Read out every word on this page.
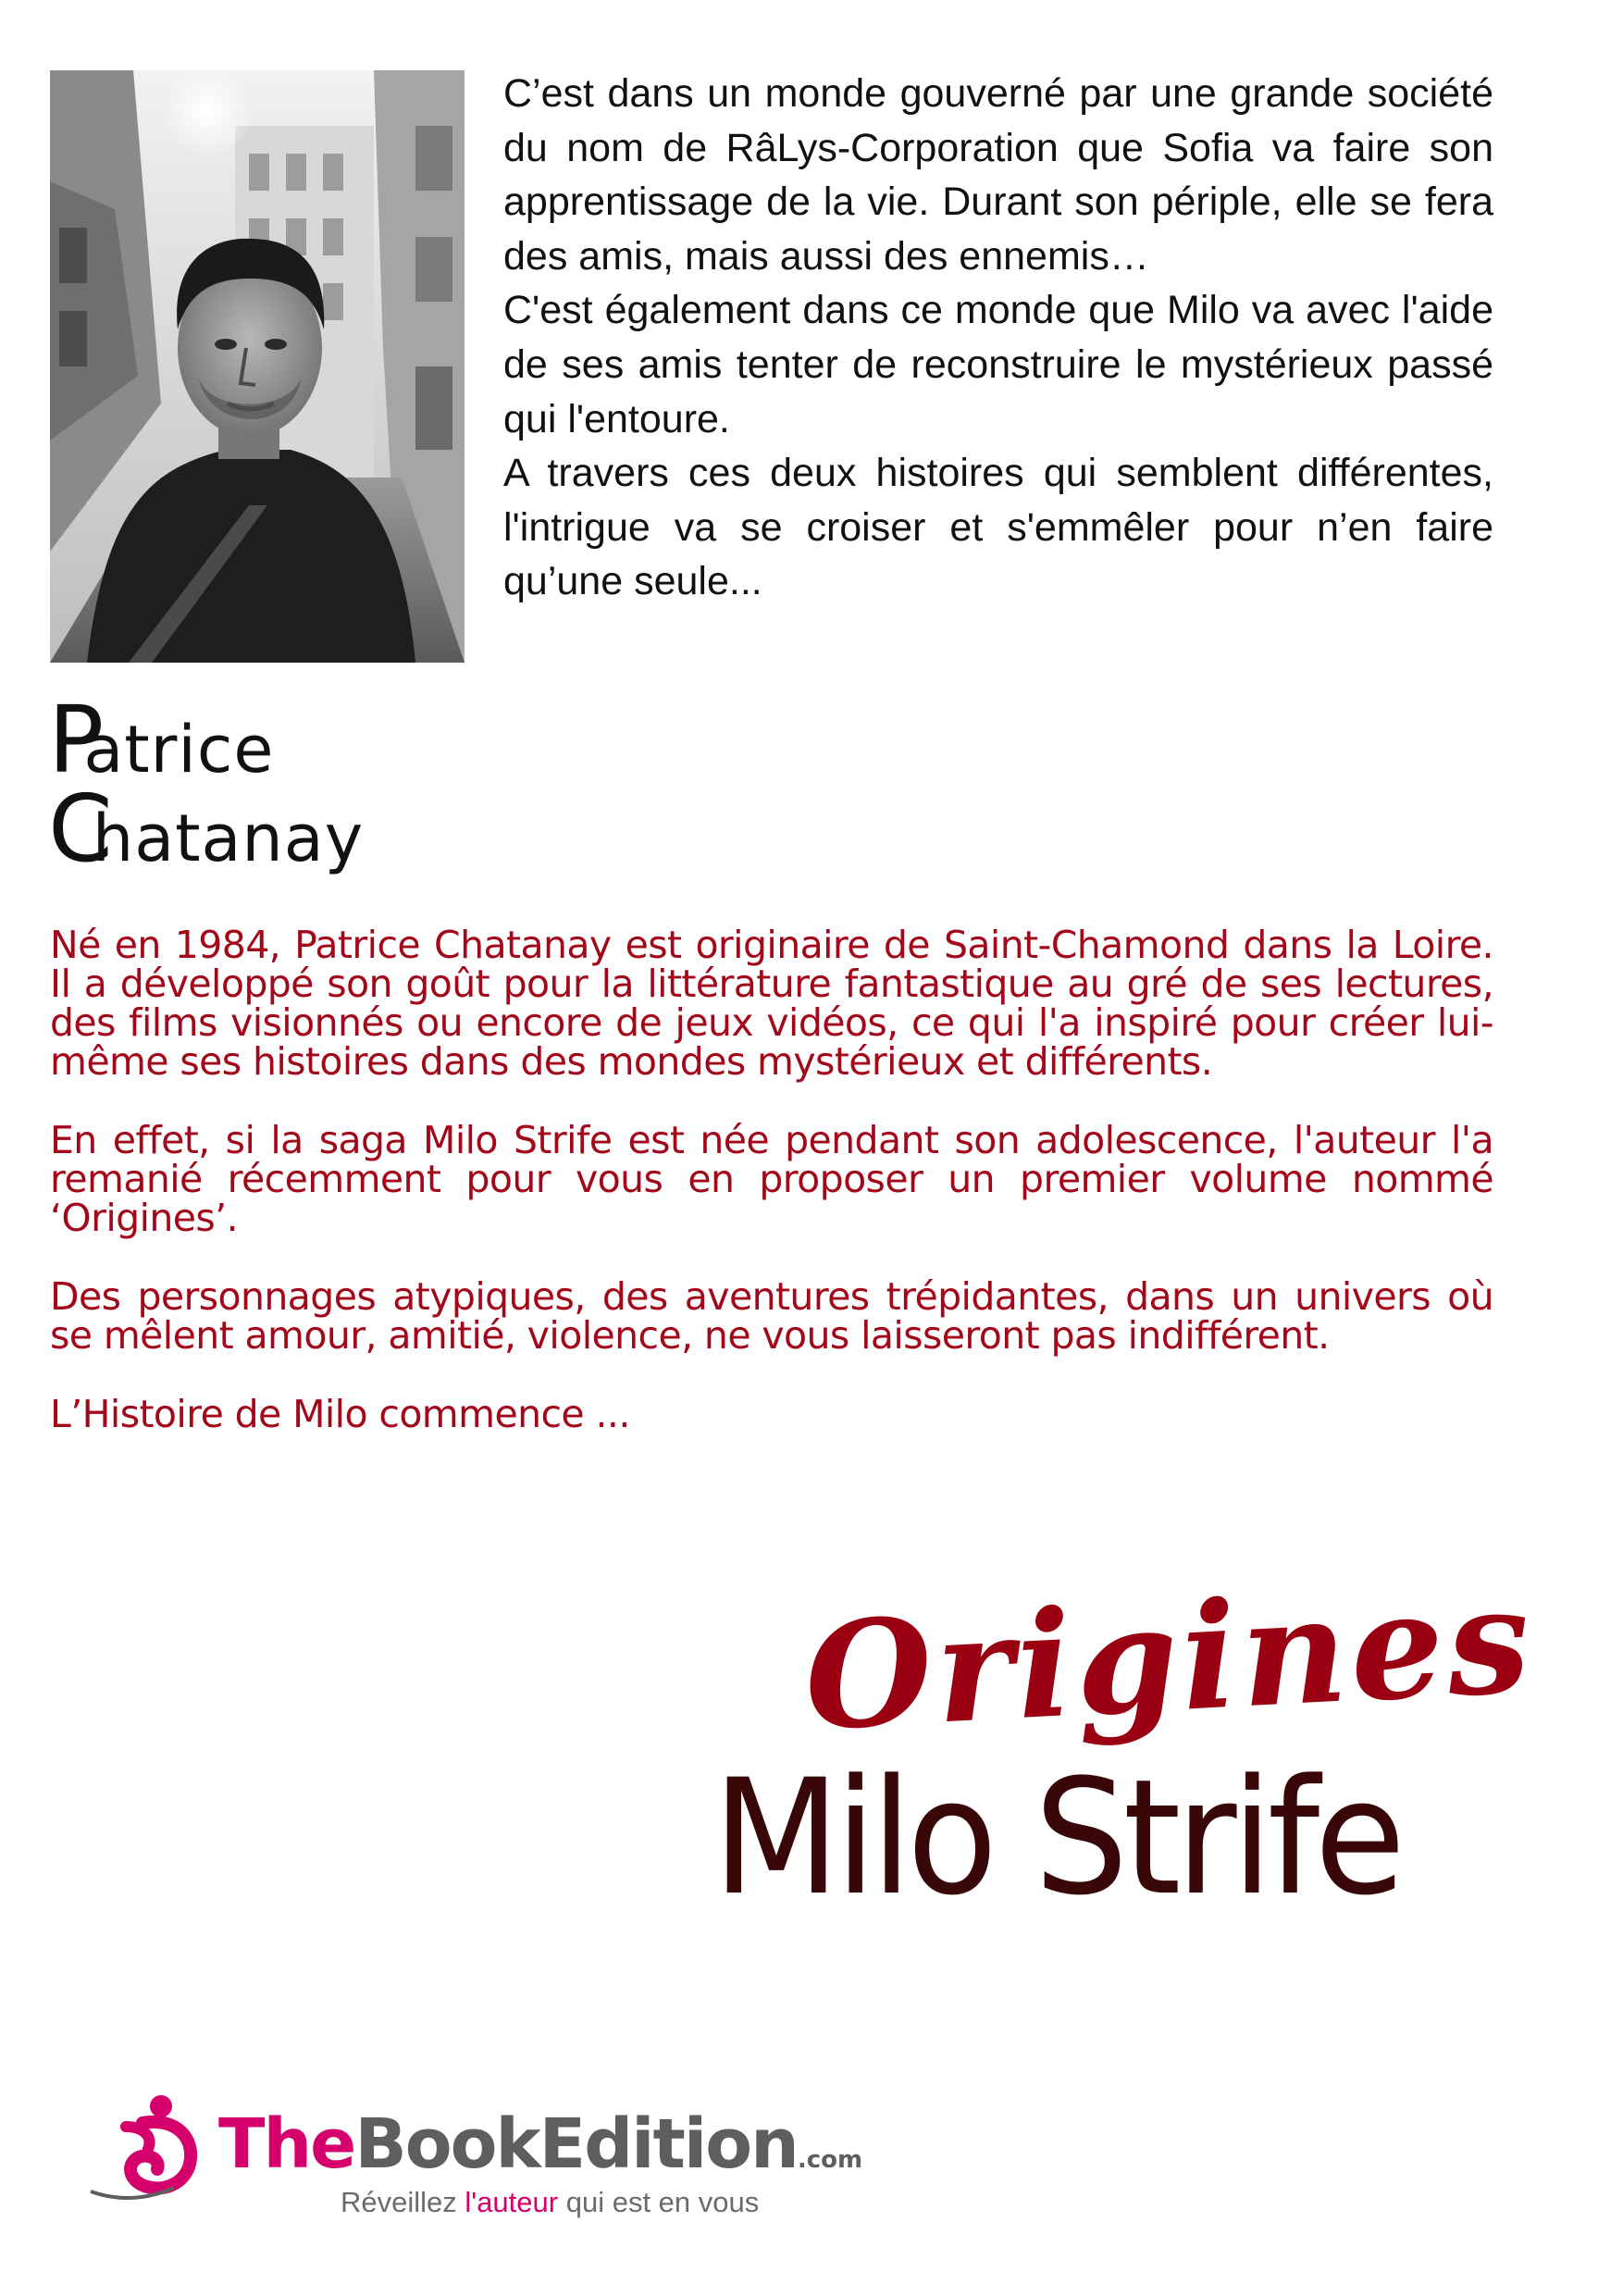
C’est dans un monde gouverné par une grande société du nom de RâLys-Corporation que Sofia va faire son apprentissage de la vie. Durant son périple, elle se fera des amis, mais aussi des ennemis…

C'est également dans ce monde que Milo va avec l'aide de ses amis tenter de reconstruire le mystérieux passé qui l'entoure.

A travers ces deux histoires qui semblent différentes, l'intrigue va se croiser et s'emmêler pour n’en faire qu’une seule...

Patrice
Chatanay

Né en 1984, Patrice Chatanay est originaire de Saint-Chamond dans la Loire. Il a développé son goût pour la littérature fantastique au gré de ses lectures, des films visionnés ou encore de jeux vidéos, ce qui l'a inspiré pour créer lui-même ses histoires dans des mondes mystérieux et différents.

En effet, si la saga Milo Strife est née pendant son adolescence, l'auteur l'a remanié récemment pour vous en proposer un premier volume nommé ‘Origines’.

Des personnages atypiques, des aventures trépidantes, dans un univers où se mêlent amour, amitié, violence, ne vous laisseront pas indifférent.

L’Histoire de Milo commence ...

Origines
Milo Strife
TheBookEdition.com
Réveillez l'auteur qui est en vous
